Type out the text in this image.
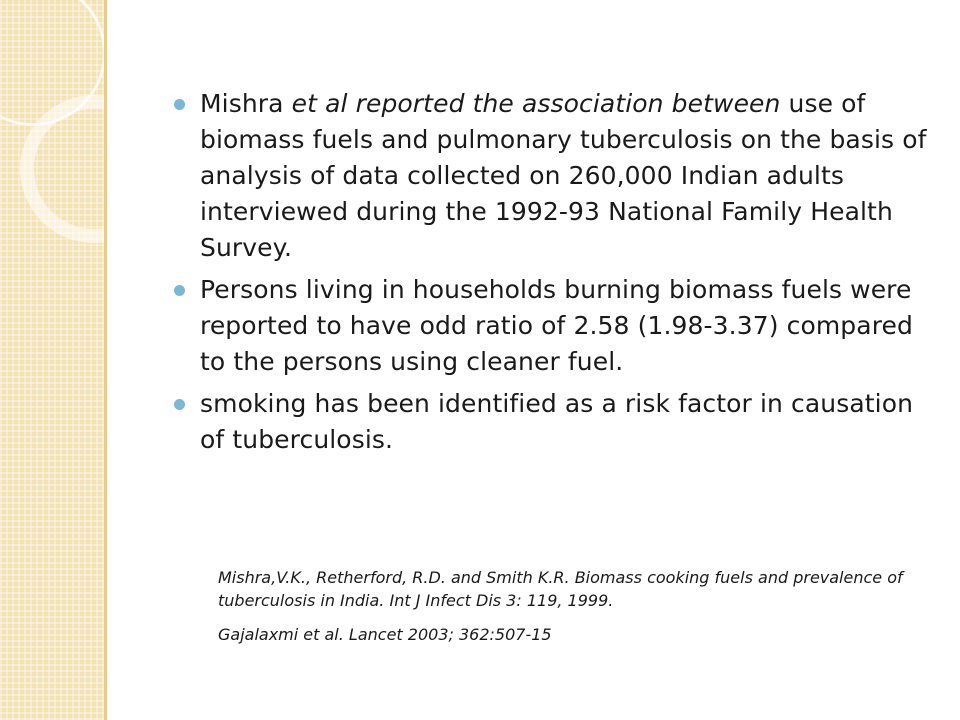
Mishra et al reported the association between use of biomass fuels and pulmonary tuberculosis on the basis of analysis of data collected on 260,000 Indian adults interviewed during the 1992-93 National Family Health Survey.
Persons living in households burning biomass fuels were reported to have odd ratio of 2.58 (1.98-3.37) compared to the persons using cleaner fuel.
smoking has been identified as a risk factor in causation of tuberculosis.

Mishra,V.K., Retherford, R.D. and Smith K.R. Biomass cooking fuels and prevalence of tuberculosis in India. Int J Infect Dis 3: 119, 1999.

Gajalaxmi et al. Lancet 2003; 362:507-15
